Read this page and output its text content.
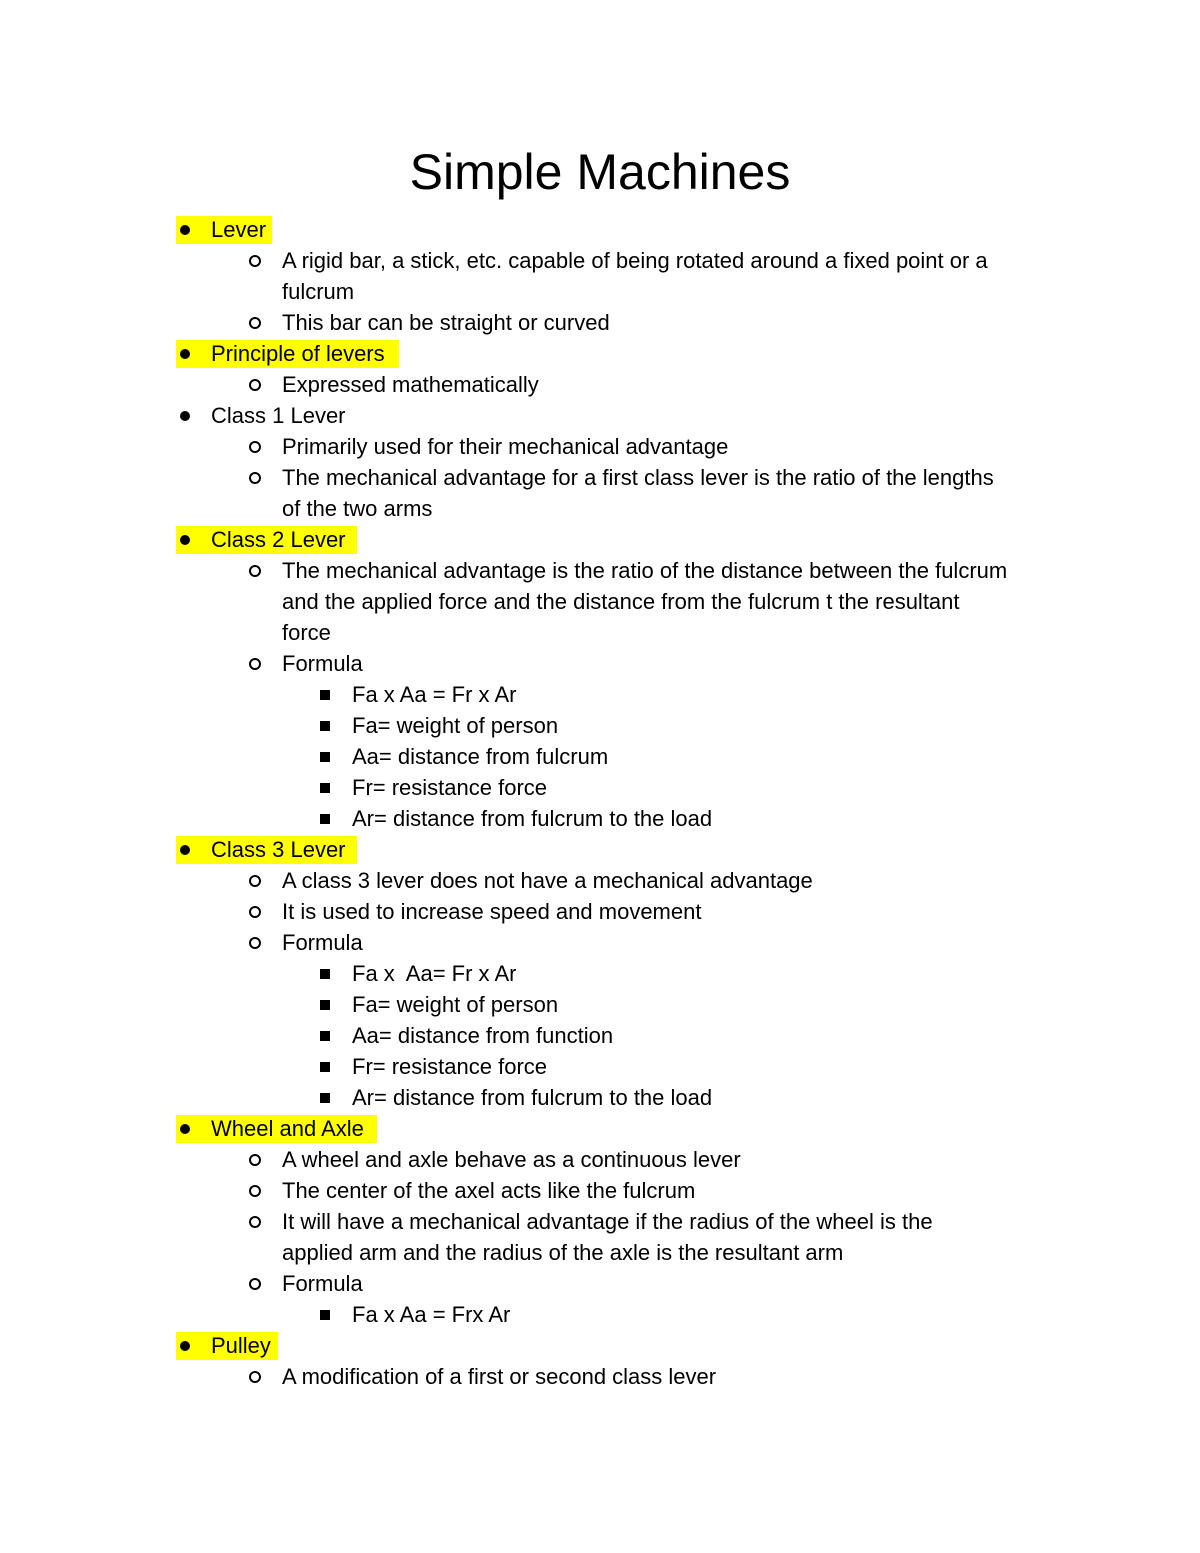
Simple Machines
Lever
A rigid bar, a stick, etc. capable of being rotated around a fixed point or a
fulcrum
This bar can be straight or curved
Principle of levers
Expressed mathematically
Class 1 Lever
Primarily used for their mechanical advantage
The mechanical advantage for a first class lever is the ratio of the lengths
of the two arms
Class 2 Lever
The mechanical advantage is the ratio of the distance between the fulcrum
and the applied force and the distance from the fulcrum t the resultant
force
Formula
Fa x Aa = Fr x Ar
Fa= weight of person
Aa= distance from fulcrum
Fr= resistance force
Ar= distance from fulcrum to the load
Class 3 Lever
A class 3 lever does not have a mechanical advantage
It is used to increase speed and movement
Formula
Fa x  Aa= Fr x Ar
Fa= weight of person
Aa= distance from function
Fr= resistance force
Ar= distance from fulcrum to the load
Wheel and Axle
A wheel and axle behave as a continuous lever
The center of the axel acts like the fulcrum
It will have a mechanical advantage if the radius of the wheel is the
applied arm and the radius of the axle is the resultant arm
Formula
Fa x Aa = Frx Ar
Pulley
A modification of a first or second class lever
